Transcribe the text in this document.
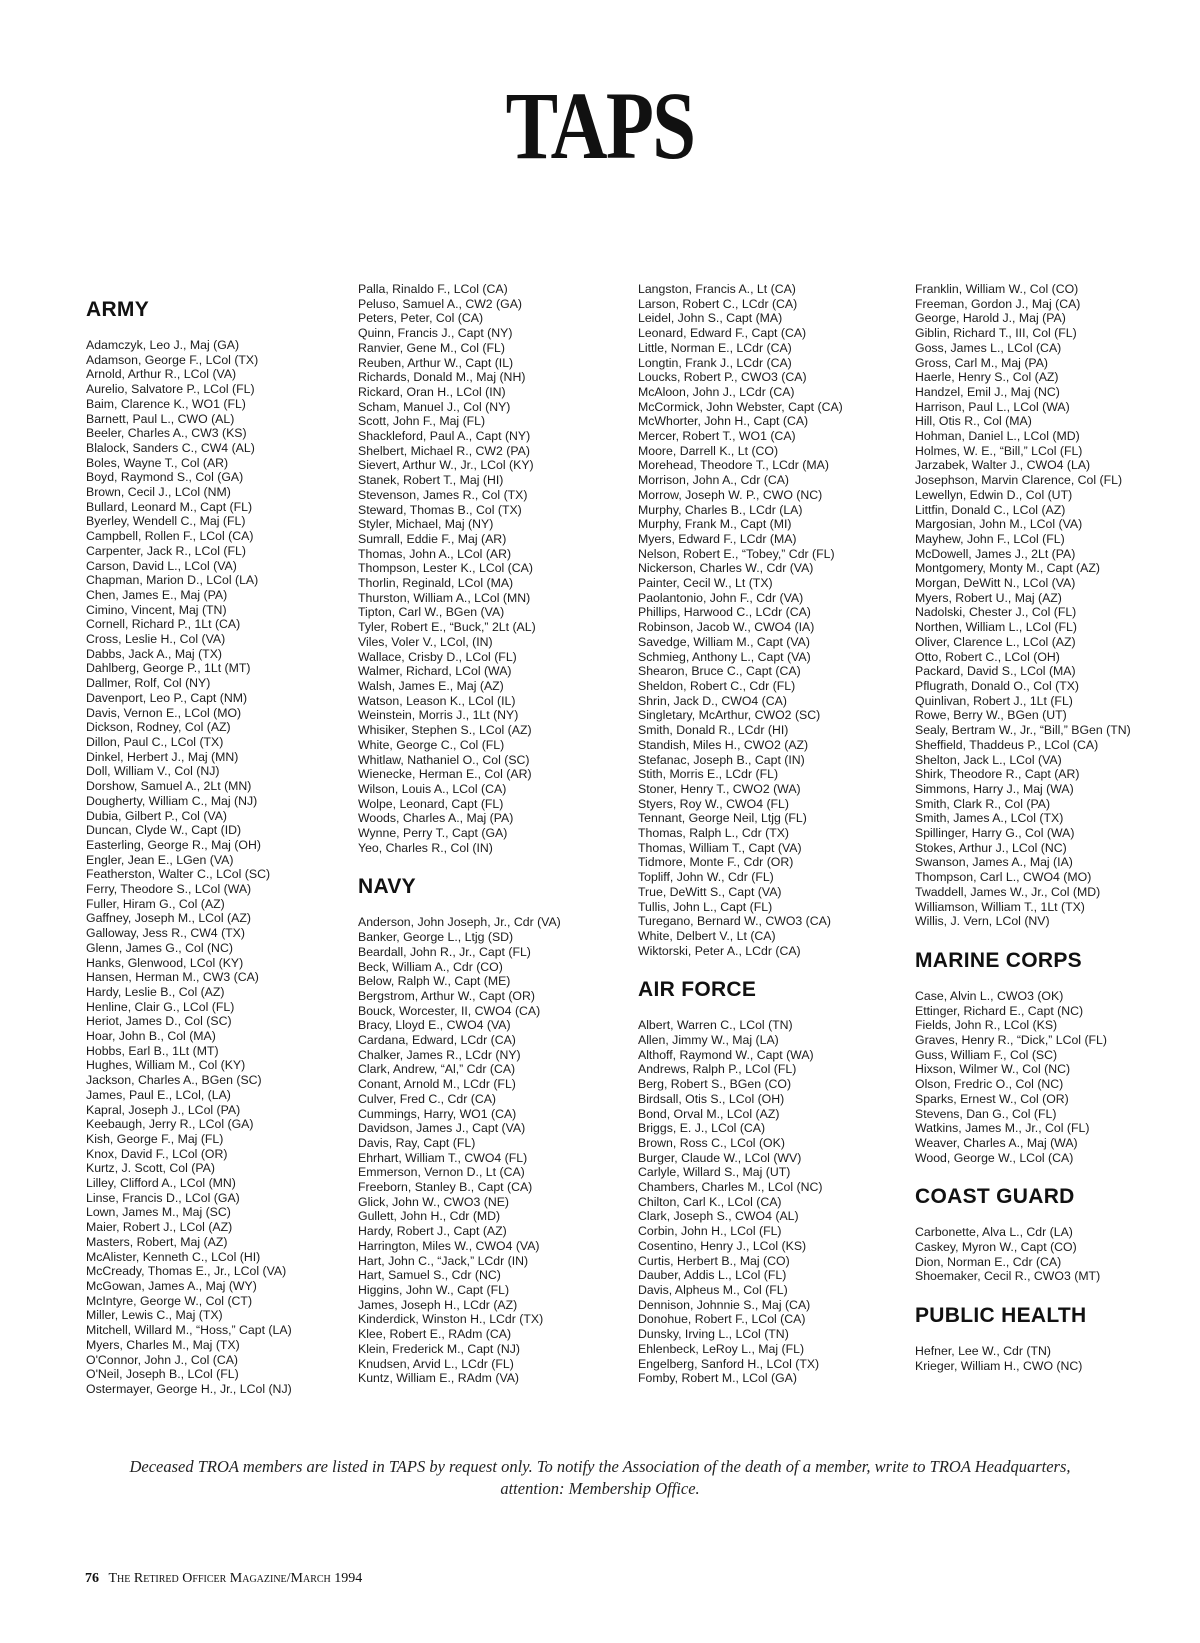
TAPS
ARMY
Adamczyk, Leo J., Maj (GA)
Adamson, George F., LCol (TX)
Arnold, Arthur R., LCol (VA)
Aurelio, Salvatore P., LCol (FL)
Baim, Clarence K., WO1 (FL)
Barnett, Paul L., CWO (AL)
Beeler, Charles A., CW3 (KS)
Blalock, Sanders C., CW4 (AL)
Boles, Wayne T., Col (AR)
Boyd, Raymond S., Col (GA)
Brown, Cecil J., LCol (NM)
Bullard, Leonard M., Capt (FL)
Byerley, Wendell C., Maj (FL)
Campbell, Rollen F., LCol (CA)
Carpenter, Jack R., LCol (FL)
Carson, David L., LCol (VA)
Chapman, Marion D., LCol (LA)
Chen, James E., Maj (PA)
Cimino, Vincent, Maj (TN)
Cornell, Richard P., 1Lt (CA)
Cross, Leslie H., Col (VA)
Dabbs, Jack A., Maj (TX)
Dahlberg, George P., 1Lt (MT)
Dallmer, Rolf, Col (NY)
Davenport, Leo P., Capt (NM)
Davis, Vernon E., LCol (MO)
Dickson, Rodney, Col (AZ)
Dillon, Paul C., LCol (TX)
Dinkel, Herbert J., Maj (MN)
Doll, William V., Col (NJ)
Dorshow, Samuel A., 2Lt (MN)
Dougherty, William C., Maj (NJ)
Dubia, Gilbert P., Col (VA)
Duncan, Clyde W., Capt (ID)
Easterling, George R., Maj (OH)
Engler, Jean E., LGen (VA)
Featherston, Walter C., LCol (SC)
Ferry, Theodore S., LCol (WA)
Fuller, Hiram G., Col (AZ)
Gaffney, Joseph M., LCol (AZ)
Galloway, Jess R., CW4 (TX)
Glenn, James G., Col (NC)
Hanks, Glenwood, LCol (KY)
Hansen, Herman M., CW3 (CA)
Hardy, Leslie B., Col (AZ)
Henline, Clair G., LCol (FL)
Heriot, James D., Col (SC)
Hoar, John B., Col (MA)
Hobbs, Earl B., 1Lt (MT)
Hughes, William M., Col (KY)
Jackson, Charles A., BGen (SC)
James, Paul E., LCol, (LA)
Kapral, Joseph J., LCol (PA)
Keebaugh, Jerry R., LCol (GA)
Kish, George F., Maj (FL)
Knox, David F., LCol (OR)
Kurtz, J. Scott, Col (PA)
Lilley, Clifford A., LCol (MN)
Linse, Francis D., LCol (GA)
Lown, James M., Maj (SC)
Maier, Robert J., LCol (AZ)
Masters, Robert, Maj (AZ)
McAlister, Kenneth C., LCol (HI)
McCready, Thomas E., Jr., LCol (VA)
McGowan, James A., Maj (WY)
McIntyre, George W., Col (CT)
Miller, Lewis C., Maj (TX)
Mitchell, Willard M., “Hoss,” Capt (LA)
Myers, Charles M., Maj (TX)
O'Connor, John J., Col (CA)
O'Neil, Joseph B., LCol (FL)
Ostermayer, George H., Jr., LCol (NJ)
Palla, Rinaldo F., LCol (CA)
Peluso, Samuel A., CW2 (GA)
Peters, Peter, Col (CA)
Quinn, Francis J., Capt (NY)
Ranvier, Gene M., Col (FL)
Reuben, Arthur W., Capt (IL)
Richards, Donald M., Maj (NH)
Rickard, Oran H., LCol (IN)
Scham, Manuel J., Col (NY)
Scott, John F., Maj (FL)
Shackleford, Paul A., Capt (NY)
Shelbert, Michael R., CW2 (PA)
Sievert, Arthur W., Jr., LCol (KY)
Stanek, Robert T., Maj (HI)
Stevenson, James R., Col (TX)
Steward, Thomas B., Col (TX)
Styler, Michael, Maj (NY)
Sumrall, Eddie F., Maj (AR)
Thomas, John A., LCol (AR)
Thompson, Lester K., LCol (CA)
Thorlin, Reginald, LCol (MA)
Thurston, William A., LCol (MN)
Tipton, Carl W., BGen (VA)
Tyler, Robert E., “Buck,” 2Lt (AL)
Viles, Voler V., LCol, (IN)
Wallace, Crisby D., LCol (FL)
Walmer, Richard, LCol (WA)
Walsh, James E., Maj (AZ)
Watson, Leason K., LCol (IL)
Weinstein, Morris J., 1Lt (NY)
Whisiker, Stephen S., LCol (AZ)
White, George C., Col (FL)
Whitlaw, Nathaniel O., Col (SC)
Wienecke, Herman E., Col (AR)
Wilson, Louis A., LCol (CA)
Wolpe, Leonard, Capt (FL)
Woods, Charles A., Maj (PA)
Wynne, Perry T., Capt (GA)
Yeo, Charles R., Col (IN)
NAVY
Anderson, John Joseph, Jr., Cdr (VA)
Banker, George L., Ltjg (SD)
Beardall, John R., Jr., Capt (FL)
Beck, William A., Cdr (CO)
Below, Ralph W., Capt (ME)
Bergstrom, Arthur W., Capt (OR)
Bouck, Worcester, II, CWO4 (CA)
Bracy, Lloyd E., CWO4 (VA)
Cardana, Edward, LCdr (CA)
Chalker, James R., LCdr (NY)
Clark, Andrew, “Al,” Cdr (CA)
Conant, Arnold M., LCdr (FL)
Culver, Fred C., Cdr (CA)
Cummings, Harry, WO1 (CA)
Davidson, James J., Capt (VA)
Davis, Ray, Capt (FL)
Ehrhart, William T., CWO4 (FL)
Emmerson, Vernon D., Lt (CA)
Freeborn, Stanley B., Capt (CA)
Glick, John W., CWO3 (NE)
Gullett, John H., Cdr (MD)
Hardy, Robert J., Capt (AZ)
Harrington, Miles W., CWO4 (VA)
Hart, John C., “Jack,” LCdr (IN)
Hart, Samuel S., Cdr (NC)
Higgins, John W., Capt (FL)
James, Joseph H., LCdr (AZ)
Kinderdick, Winston H., LCdr (TX)
Klee, Robert E., RAdm (CA)
Klein, Frederick M., Capt (NJ)
Knudsen, Arvid L., LCdr (FL)
Kuntz, William E., RAdm (VA)
Langston, Francis A., Lt (CA)
Larson, Robert C., LCdr (CA)
Leidel, John S., Capt (MA)
Leonard, Edward F., Capt (CA)
Little, Norman E., LCdr (CA)
Longtin, Frank J., LCdr (CA)
Loucks, Robert P., CWO3 (CA)
McAloon, John J., LCdr (CA)
McCormick, John Webster, Capt (CA)
McWhorter, John H., Capt (CA)
Mercer, Robert T., WO1 (CA)
Moore, Darrell K., Lt (CO)
Morehead, Theodore T., LCdr (MA)
Morrison, John A., Cdr (CA)
Morrow, Joseph W. P., CWO (NC)
Murphy, Charles B., LCdr (LA)
Murphy, Frank M., Capt (MI)
Myers, Edward F., LCdr (MA)
Nelson, Robert E., “Tobey,” Cdr (FL)
Nickerson, Charles W., Cdr (VA)
Painter, Cecil W., Lt (TX)
Paolantonio, John F., Cdr (VA)
Phillips, Harwood C., LCdr (CA)
Robinson, Jacob W., CWO4 (IA)
Savedge, William M., Capt (VA)
Schmieg, Anthony L., Capt (VA)
Shearon, Bruce C., Capt (CA)
Sheldon, Robert C., Cdr (FL)
Shrin, Jack D., CWO4 (CA)
Singletary, McArthur, CWO2 (SC)
Smith, Donald R., LCdr (HI)
Standish, Miles H., CWO2 (AZ)
Stefanac, Joseph B., Capt (IN)
Stith, Morris E., LCdr (FL)
Stoner, Henry T., CWO2 (WA)
Styers, Roy W., CWO4 (FL)
Tennant, George Neil, Ltjg (FL)
Thomas, Ralph L., Cdr (TX)
Thomas, William T., Capt (VA)
Tidmore, Monte F., Cdr (OR)
Topliff, John W., Cdr (FL)
True, DeWitt S., Capt (VA)
Tullis, John L., Capt (FL)
Turegano, Bernard W., CWO3 (CA)
White, Delbert V., Lt (CA)
Wiktorski, Peter A., LCdr (CA)
AIR FORCE
Albert, Warren C., LCol (TN)
Allen, Jimmy W., Maj (LA)
Althoff, Raymond W., Capt (WA)
Andrews, Ralph P., LCol (FL)
Berg, Robert S., BGen (CO)
Birdsall, Otis S., LCol (OH)
Bond, Orval M., LCol (AZ)
Briggs, E. J., LCol (CA)
Brown, Ross C., LCol (OK)
Burger, Claude W., LCol (WV)
Carlyle, Willard S., Maj (UT)
Chambers, Charles M., LCol (NC)
Chilton, Carl K., LCol (CA)
Clark, Joseph S., CWO4 (AL)
Corbin, John H., LCol (FL)
Cosentino, Henry J., LCol (KS)
Curtis, Herbert B., Maj (CO)
Dauber, Addis L., LCol (FL)
Davis, Alpheus M., Col (FL)
Dennison, Johnnie S., Maj (CA)
Donohue, Robert F., LCol (CA)
Dunsky, Irving L., LCol (TN)
Ehlenbeck, LeRoy L., Maj (FL)
Engelberg, Sanford H., LCol (TX)
Fomby, Robert M., LCol (GA)
Franklin, William W., Col (CO)
Freeman, Gordon J., Maj (CA)
George, Harold J., Maj (PA)
Giblin, Richard T., III, Col (FL)
Goss, James L., LCol (CA)
Gross, Carl M., Maj (PA)
Haerle, Henry S., Col (AZ)
Handzel, Emil J., Maj (NC)
Harrison, Paul L., LCol (WA)
Hill, Otis R., Col (MA)
Hohman, Daniel L., LCol (MD)
Holmes, W. E., “Bill,” LCol (FL)
Jarzabek, Walter J., CWO4 (LA)
Josephson, Marvin Clarence, Col (FL)
Lewellyn, Edwin D., Col (UT)
Littfin, Donald C., LCol (AZ)
Margosian, John M., LCol (VA)
Mayhew, John F., LCol (FL)
McDowell, James J., 2Lt (PA)
Montgomery, Monty M., Capt (AZ)
Morgan, DeWitt N., LCol (VA)
Myers, Robert U., Maj (AZ)
Nadolski, Chester J., Col (FL)
Northen, William L., LCol (FL)
Oliver, Clarence L., LCol (AZ)
Otto, Robert C., LCol (OH)
Packard, David S., LCol (MA)
Pflugrath, Donald O., Col (TX)
Quinlivan, Robert J., 1Lt (FL)
Rowe, Berry W., BGen (UT)
Sealy, Bertram W., Jr., “Bill,” BGen (TN)
Sheffield, Thaddeus P., LCol (CA)
Shelton, Jack L., LCol (VA)
Shirk, Theodore R., Capt (AR)
Simmons, Harry J., Maj (WA)
Smith, Clark R., Col (PA)
Smith, James A., LCol (TX)
Spillinger, Harry G., Col (WA)
Stokes, Arthur J., LCol (NC)
Swanson, James A., Maj (IA)
Thompson, Carl L., CWO4 (MO)
Twaddell, James W., Jr., Col (MD)
Williamson, William T., 1Lt (TX)
Willis, J. Vern, LCol (NV)
MARINE CORPS
Case, Alvin L., CWO3 (OK)
Ettinger, Richard E., Capt (NC)
Fields, John R., LCol (KS)
Graves, Henry R., “Dick,” LCol (FL)
Guss, William F., Col (SC)
Hixson, Wilmer W., Col (NC)
Olson, Fredric O., Col (NC)
Sparks, Ernest W., Col (OR)
Stevens, Dan G., Col (FL)
Watkins, James M., Jr., Col (FL)
Weaver, Charles A., Maj (WA)
Wood, George W., LCol (CA)
COAST GUARD
Carbonette, Alva L., Cdr (LA)
Caskey, Myron W., Capt (CO)
Dion, Norman E., Cdr (CA)
Shoemaker, Cecil R., CWO3 (MT)
PUBLIC HEALTH
Hefner, Lee W., Cdr (TN)
Krieger, William H., CWO (NC)
Deceased TROA members are listed in TAPS by request only. To notify the Association of the death of a member, write to TROA Headquarters, attention: Membership Office.
76 The Retired Officer Magazine/March 1994
